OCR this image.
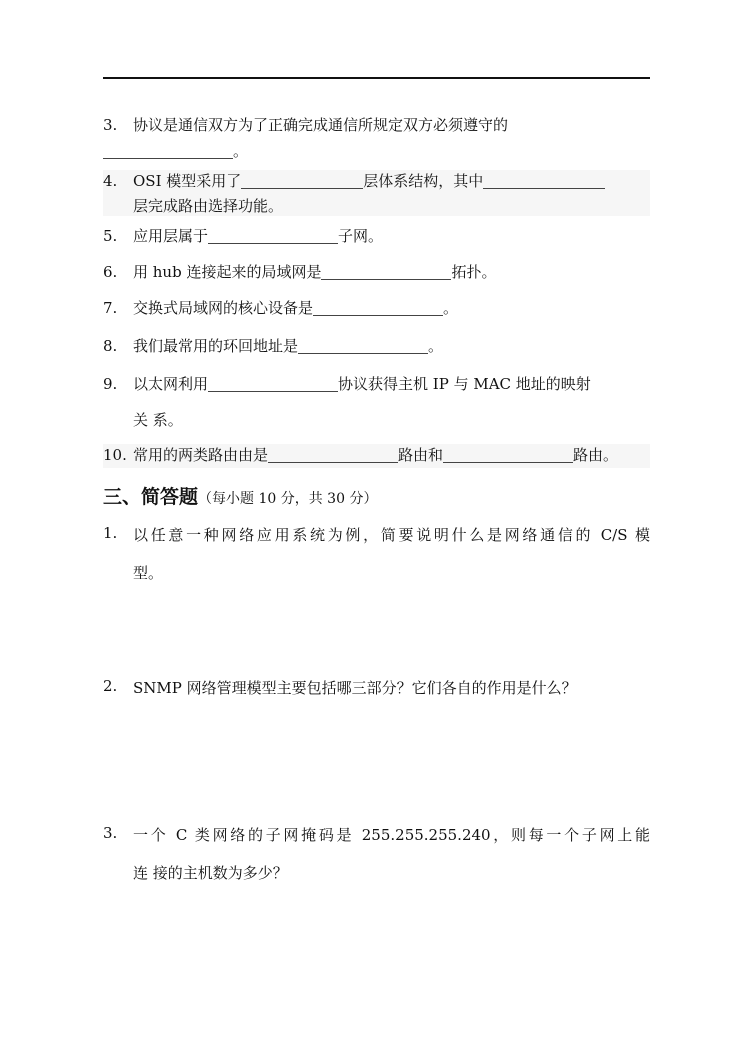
3. 协议是通信双方为了正确完成通信所规定双方必须遵守的
。
4. OSI 模型采用了	层体系结构，其中
层完成路由选择功能。
5. 应用层属于	子网。
6. 用 hub 连接起来的局域网是	拓扑。
7. 交换式局域网的核心设备是	。
8. 我们最常用的环回地址是	。
9. 以太网利用	协议获得主机 IP 与 MAC 地址的映射
关 系。
10. 常用的两类路由由是	路由和	路由。
三、简答题（每小题 10 分，共 30 分）
1. 以任意一种网络应用系统为例，简要说明什么是网络通信的 C/S 模
型。
2. SNMP 网络管理模型主要包括哪三部分？它们各自的作用是什么？
3. 一个 C 类网络的子网掩码是 255.255.255.240，则每一个子网上能
连 接的主机数为多少？
